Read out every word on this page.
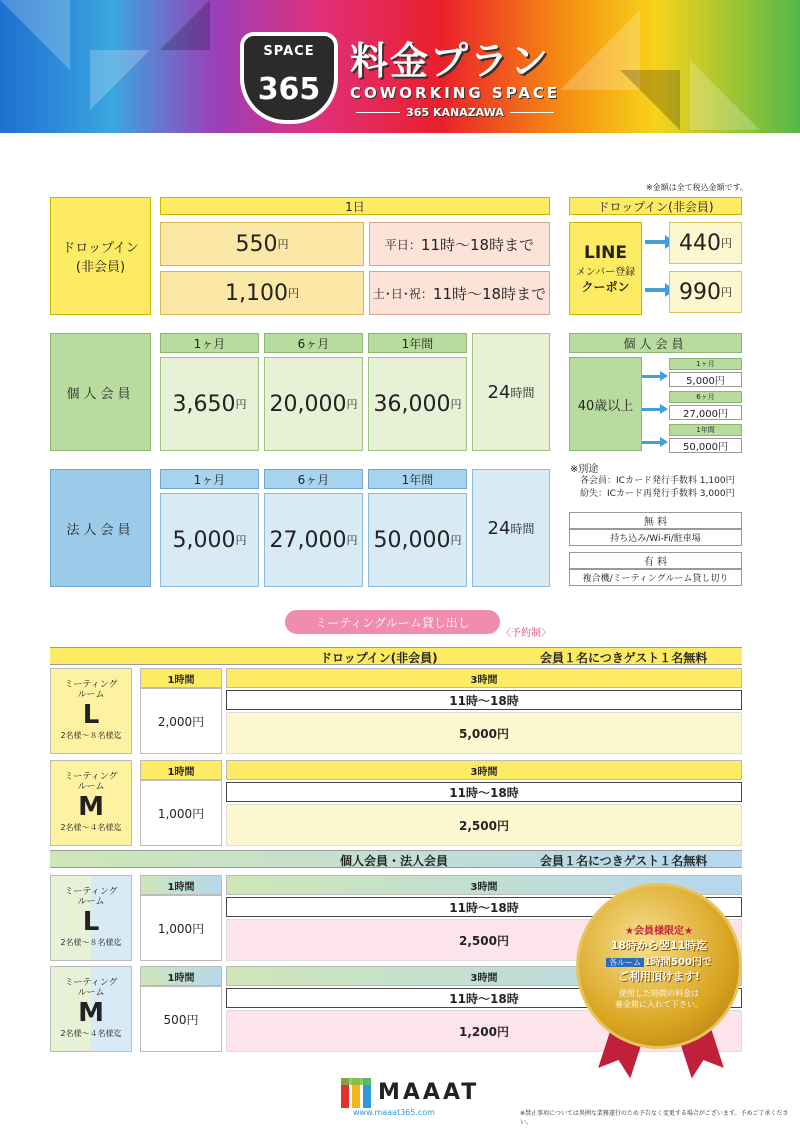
SPACE
365
料金プラン
COWORKING SPACE
365 KANAZAWA
※金額は全て税込金額です。
ドロップイン
(非会員)
1日
550 円	平日： 11時〜18時まで
1,100 円	土･日･祝： 11時〜18時まで
ドロップイン(非会員)
LINE
メンバー登録
クーポン
440 円
990 円
個人会員
1ヶ月	6ヶ月	1年間
3,650 円 20,000 円 36,000 円
24 時間
個人会員
40歳以上
1ヶ月
5,000円
6ヶ月
27,000円
1年間
50,000円
法人会員
1ヶ月	6ヶ月	1年間
5,000 円 27,000 円 50,000 円
24 時間
※別途
各会員：ICカード発行手数料 1,100円
紛失：ICカード再発行手数料 3,000円
無 料
持ち込み/Wi-Fi/駐車場
有 料
複合機/ミーティングルーム貸し切り
ミーティングルーム貸し出し
〈予約制〉
ドロップイン(非会員)	会員１名につきゲスト１名無料
ミーティング
ルーム
L
2名様〜８名様迄
1時間
2,000円
3時間
11時〜18時
5,000円
ミーティング
ルーム
M
2名様〜４名様迄
1時間
1,000円
3時間
11時〜18時
2,500円
ミーティング
ルーム
L
2名様〜８名様迄
1時間
1,000円
3時間
11時〜18時
2,500円
ミーティング
ルーム
M
2名様〜４名様迄
1時間
500円
3時間
11時〜18時
1,200円
個人会員・法人会員	会員１名につきゲスト１名無料
★会員様限定★
18時から翌11時迄
各ルーム 1時間500円で
ご利用頂けます!
使用した時間の料金は
募金箱に入れて下さい。
MAAAT
www.maaat365.com	※禁止事項については異例な業務遂行のため予告なく変更する場合がございます。予めご了承ください。
